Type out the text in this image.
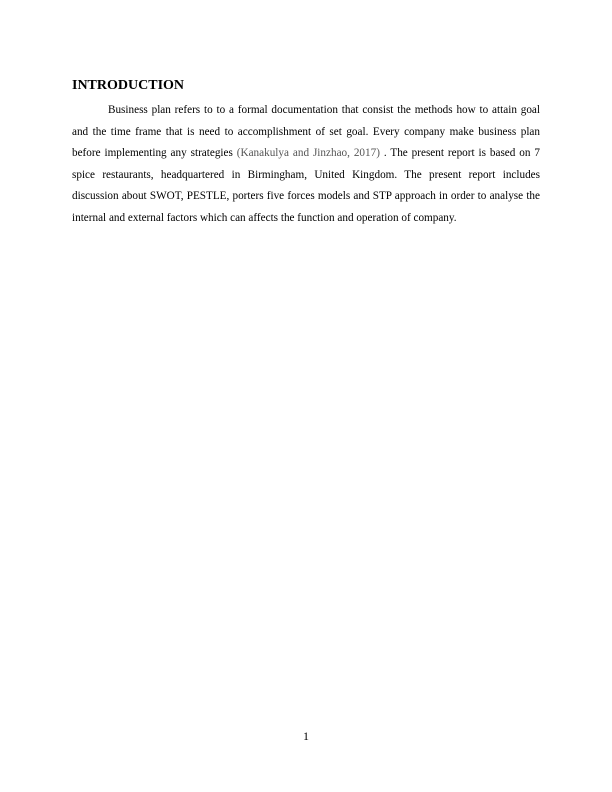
INTRODUCTION

Business plan refers to to a formal documentation that consist the methods how to attain goal and the time frame that is need to accomplishment of set goal. Every company make business plan before implementing any strategies (Kanakulya and Jinzhao, 2017) . The present report is based on 7 spice restaurants, headquartered in Birmingham, United Kingdom. The present report includes discussion about SWOT, PESTLE, porters five forces models and STP approach in order to analyse the internal and external factors which can affects the function and operation of company.

1
